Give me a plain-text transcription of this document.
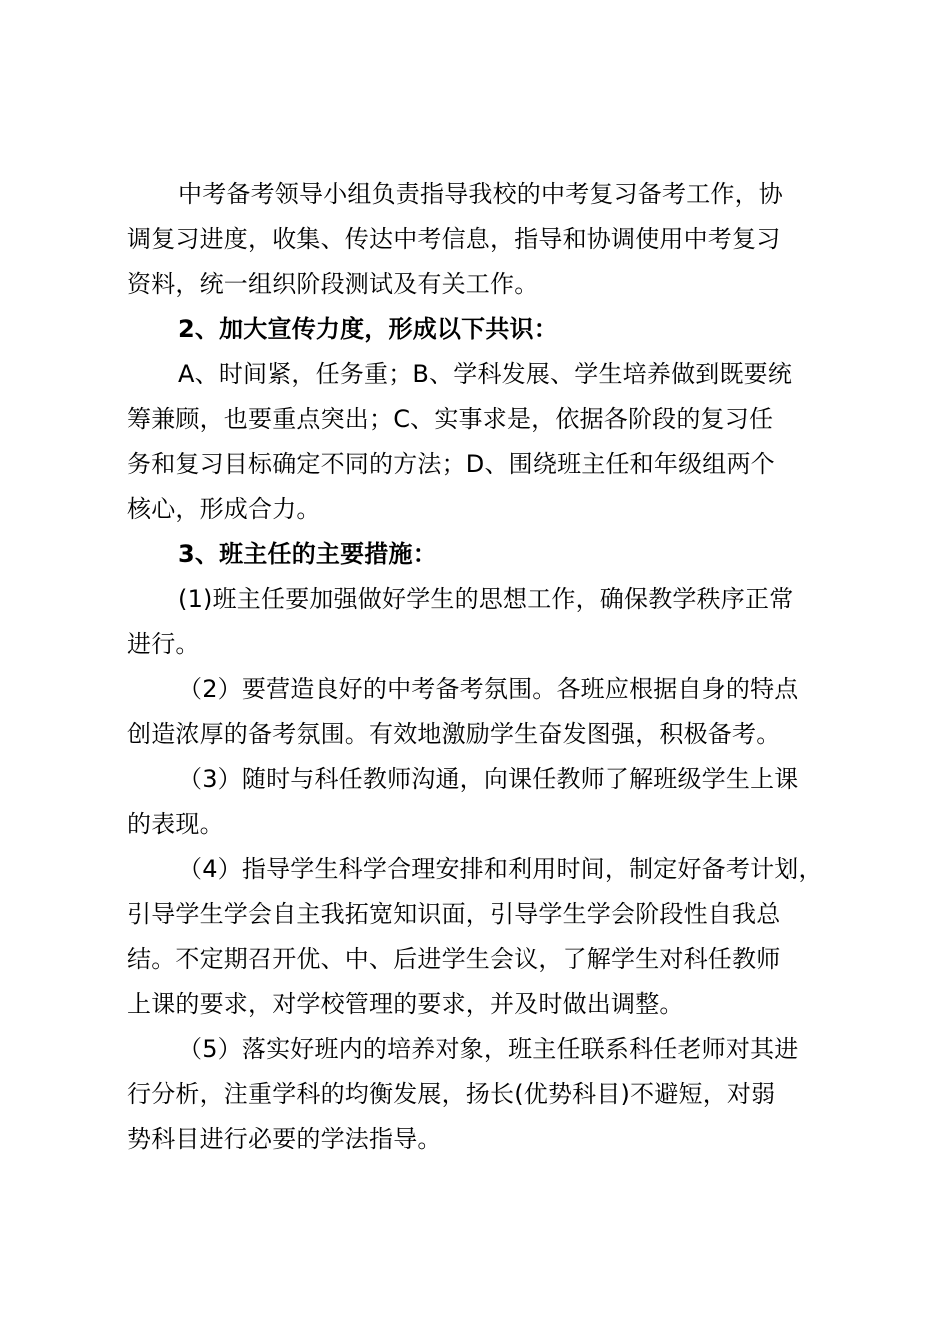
中考备考领导小组负责指导我校的中考复习备考工作，协
调复习进度，收集、传达中考信息，指导和协调使用中考复习
资料，统一组织阶段测试及有关工作。
2、加大宣传力度，形成以下共识：
A、时间紧，任务重；B、学科发展、学生培养做到既要统
筹兼顾，也要重点突出；C、实事求是，依据各阶段的复习任
务和复习目标确定不同的方法；D、围绕班主任和年级组两个
核心，形成合力。
3、班主任的主要措施：
(1)班主任要加强做好学生的思想工作，确保教学秩序正常
进行。
（2）要营造良好的中考备考氛围。各班应根据自身的特点
创造浓厚的备考氛围。有效地激励学生奋发图强，积极备考。
（3）随时与科任教师沟通，向课任教师了解班级学生上课
的表现。
（4）指导学生科学合理安排和利用时间，制定好备考计划，
引导学生学会自主我拓宽知识面，引导学生学会阶段性自我总
结。不定期召开优、中、后进学生会议，了解学生对科任教师
上课的要求，对学校管理的要求，并及时做出调整。
（5）落实好班内的培养对象，班主任联系科任老师对其进
行分析，注重学科的均衡发展，扬长(优势科目)不避短，对弱
势科目进行必要的学法指导。
